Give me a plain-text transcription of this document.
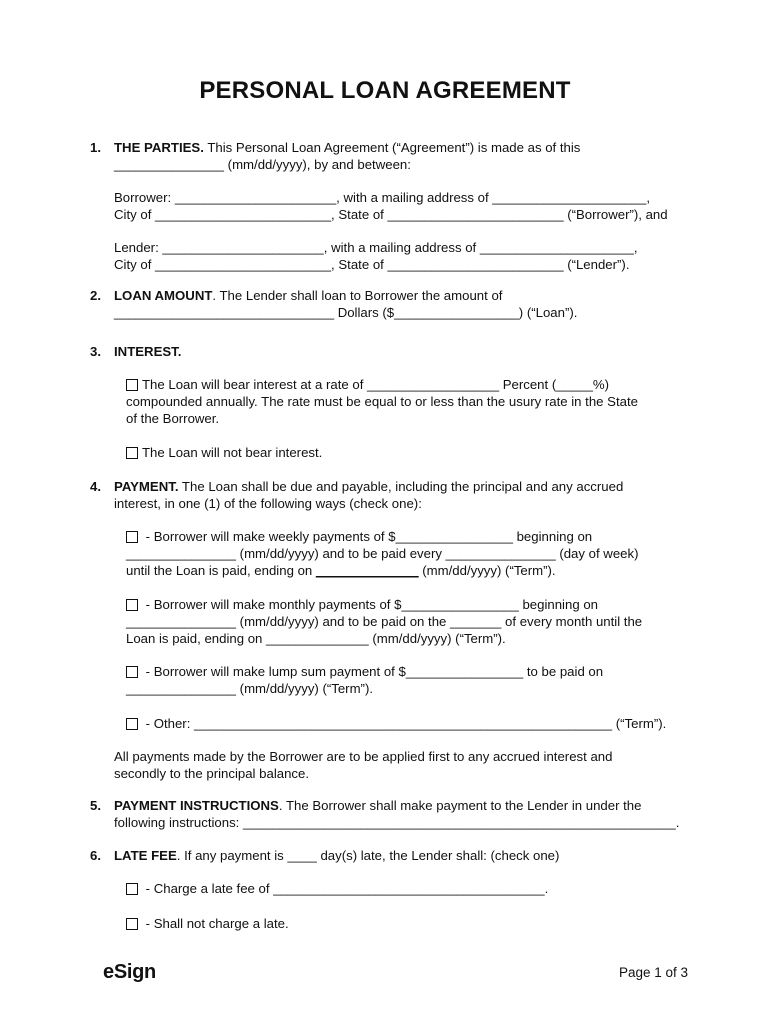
PERSONAL LOAN AGREEMENT
1. THE PARTIES. This Personal Loan Agreement (“Agreement”) is made as of this
_______________ (mm/dd/yyyy), by and between:
Borrower: ______________________, with a mailing address of _____________________,
City of ________________________, State of ________________________ (“Borrower”), and
Lender: ______________________, with a mailing address of _____________________,
City of ________________________, State of ________________________ (“Lender”).
2. LOAN AMOUNT. The Lender shall loan to Borrower the amount of
______________________________ Dollars ($_________________) (“Loan”).
3. INTEREST.
The Loan will bear interest at a rate of __________________ Percent (_____%)
compounded annually. The rate must be equal to or less than the usury rate in the State
of the Borrower.
The Loan will not bear interest.
4. PAYMENT. The Loan shall be due and payable, including the principal and any accrued
interest, in one (1) of the following ways (check one):
- Borrower will make weekly payments of $________________ beginning on
_______________ (mm/dd/yyyy) and to be paid every _______________ (day of week)
until the Loan is paid, ending on ______________ (mm/dd/yyyy) (“Term”).
- Borrower will make monthly payments of $________________ beginning on
_______________ (mm/dd/yyyy) and to be paid on the _______ of every month until the
Loan is paid, ending on ______________ (mm/dd/yyyy) (“Term”).
- Borrower will make lump sum payment of $________________ to be paid on
_______________ (mm/dd/yyyy) (“Term”).
- Other: _________________________________________________________ (“Term”).
All payments made by the Borrower are to be applied first to any accrued interest and
secondly to the principal balance.
5. PAYMENT INSTRUCTIONS. The Borrower shall make payment to the Lender in under the
following instructions: ___________________________________________________________.
6. LATE FEE. If any payment is ____ day(s) late, the Lender shall: (check one)
- Charge a late fee of _____________________________________.
- Shall not charge a late.
eSign	Page 1 of 3
